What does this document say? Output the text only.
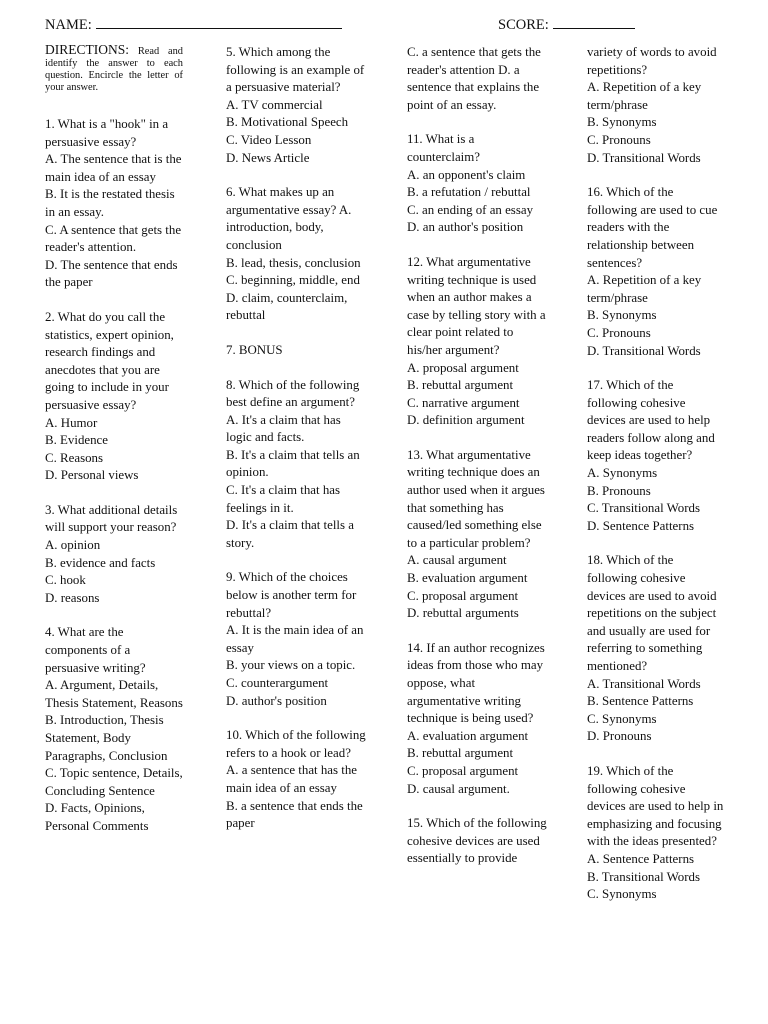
NAME:	SCORE:
DIRECTIONS: Read and identify the answer to each question. Encircle the letter of your answer.

1. What is a "hook" in a persuasive essay?

A. The sentence that is the main idea of an essay

B. It is the restated thesis in an essay.

C. A sentence that gets the reader's attention.

D. The sentence that ends the paper

2. What do you call the statistics, expert opinion, research findings and anecdotes that you are going to include in your persuasive essay?

A. Humor

B. Evidence

C. Reasons

D. Personal views

3. What additional details will support your reason?

A. opinion

B. evidence and facts

C. hook

D. reasons

4. What are the components of a persuasive writing?

A. Argument, Details, Thesis Statement, Reasons

B. Introduction, Thesis Statement, Body Paragraphs, Conclusion

C. Topic sentence, Details, Concluding Sentence

D. Facts, Opinions, Personal Comments

5. Which among the following is an example of a persuasive material?

A. TV commercial

B. Motivational Speech

C. Video Lesson

D. News Article

6. What makes up an argumentative essay? A. introduction, body, conclusion

B. lead, thesis, conclusion

C. beginning, middle, end

D. claim, counterclaim, rebuttal

7. BONUS

8. Which of the following best define an argument?

A. It's a claim that has logic and facts.

B. It's a claim that tells an opinion.

C. It's a claim that has feelings in it.

D. It's a claim that tells a story.

9. Which of the choices below is another term for rebuttal?

A. It is the main idea of an essay

B. your views on a topic.

C. counterargument

D. author's position

10. Which of the following refers to a hook or lead?

A. a sentence that has the main idea of an essay

B. a sentence that ends the paper

C. a sentence that gets the reader's attention D. a sentence that explains the point of an essay.

11. What is a counterclaim?

A. an opponent's claim

B. a refutation / rebuttal

C. an ending of an essay

D. an author's position

12. What argumentative writing technique is used when an author makes a case by telling story with a clear point related to his/her argument?

A. proposal argument

B. rebuttal argument

C. narrative argument

D. definition argument

13. What argumentative writing technique does an author used when it argues that something has caused/led something else to a particular problem?

A. causal argument

B. evaluation argument

C. proposal argument

D. rebuttal arguments

14. If an author recognizes ideas from those who may oppose, what argumentative writing technique is being used?

A. evaluation argument

B. rebuttal argument

C. proposal argument

D. causal argument.

15. Which of the following cohesive devices are used essentially to provide

variety of words to avoid repetitions?

A. Repetition of a key term/phrase

B. Synonyms

C. Pronouns

D. Transitional Words

16. Which of the following are used to cue readers with the relationship between sentences?

A. Repetition of a key term/phrase

B. Synonyms

C. Pronouns

D. Transitional Words

17. Which of the following cohesive devices are used to help readers follow along and keep ideas together?

A. Synonyms

B. Pronouns

C. Transitional Words

D. Sentence Patterns

18. Which of the following cohesive devices are used to avoid repetitions on the subject and usually are used for referring to something mentioned?

A. Transitional Words

B. Sentence Patterns

C. Synonyms

D. Pronouns

19. Which of the following cohesive devices are used to help in emphasizing and focusing with the ideas presented?

A. Sentence Patterns

B. Transitional Words

C. Synonyms
